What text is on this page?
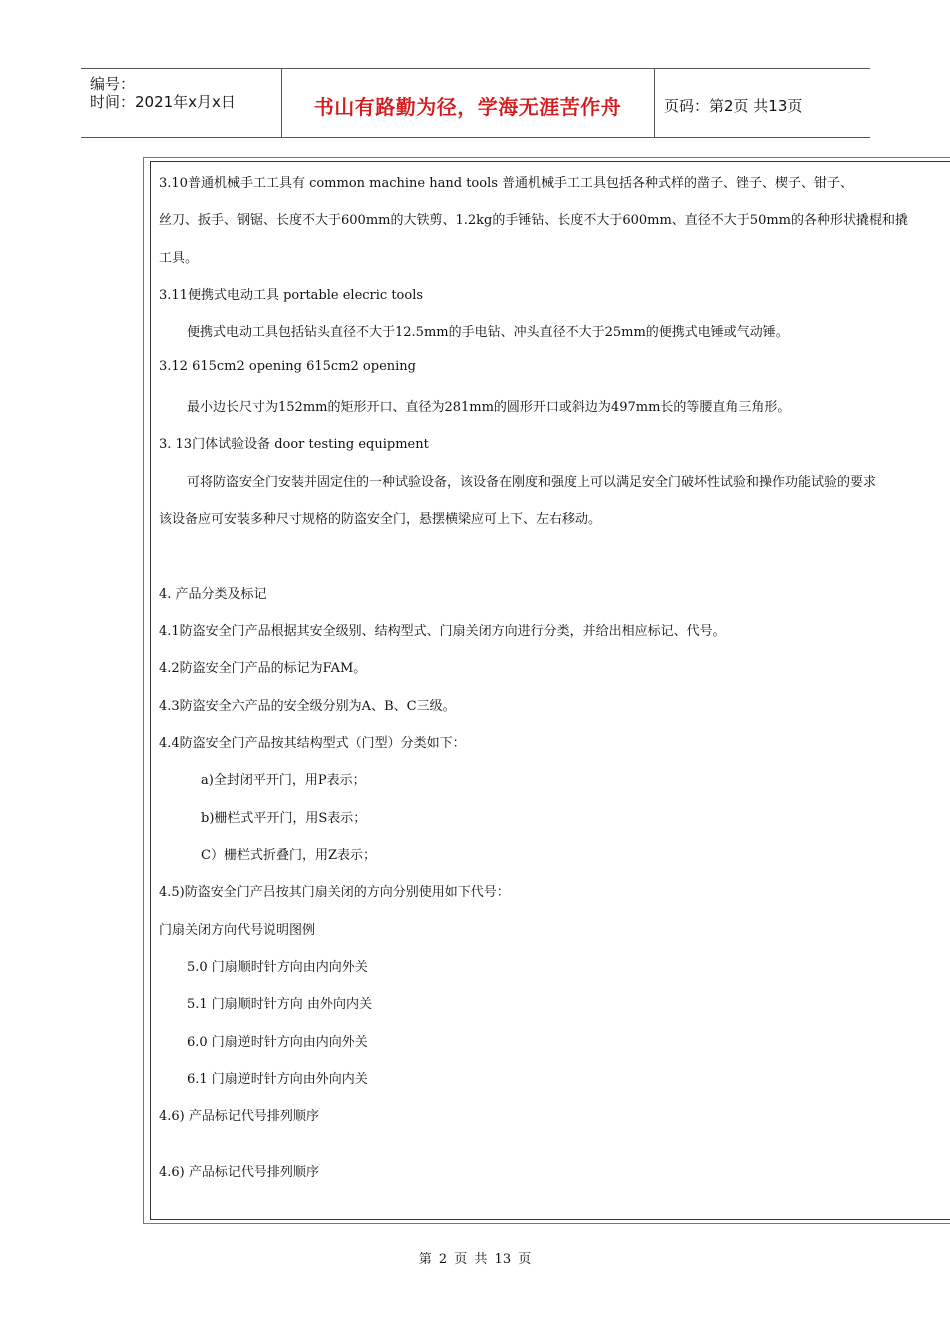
编号：
时间：2021年x月x日	书山有路勤为径，学海无涯苦作舟	页码：第2页 共13页
3.10普通机械手工工具有 common machine hand tools 普通机械手工工具包括各种式样的凿子、锉子、楔子、钳子、
丝刀、扳手、钢锯、长度不大于600mm的大铁剪、1.2kg的手锤钻、长度不大于600mm、直径不大于50mm的各种形状撬棍和撬
工具。
3.11便携式电动工具 portable elecric tools
便携式电动工具包括钻头直径不大于12.5mm的手电钻、冲头直径不大于25mm的便携式电锤或气动锤。
3.12 615cm2 opening 615cm2 opening
最小边长尺寸为152mm的矩形开口、直径为281mm的圆形开口或斜边为497mm长的等腰直角三角形。
3. 13门体试验设备 door testing equipment
可将防盗安全门安装并固定住的一种试验设备，该设备在刚度和强度上可以满足安全门破坏性试验和操作功能试验的要求
该设备应可安装多种尺寸规格的防盗安全门，悬摆横梁应可上下、左右移动。
4. 产品分类及标记
4.1防盗安全门产品根据其安全级别、结构型式、门扇关闭方向进行分类，并给出相应标记、代号。
4.2防盗安全门产品的标记为FAM。
4.3防盗安全六产品的安全级分别为A、B、C三级。
4.4防盗安全门产品按其结构型式（门型）分类如下：
a)全封闭平开门，用P表示；
b)栅栏式平开门，用S表示；
C）栅栏式折叠门，用Z表示；
4.5)防盗安全门产吕按其门扇关闭的方向分别使用如下代号：
门扇关闭方向代号说明图例
5.0 门扇顺时针方向由内向外关
5.1 门扇顺时针方向 由外向内关
6.0 门扇逆时针方向由内向外关
6.1 门扇逆时针方向由外向内关
4.6) 产品标记代号排列顺序
4.6) 产品标记代号排列顺序
第 2 页 共 13 页
